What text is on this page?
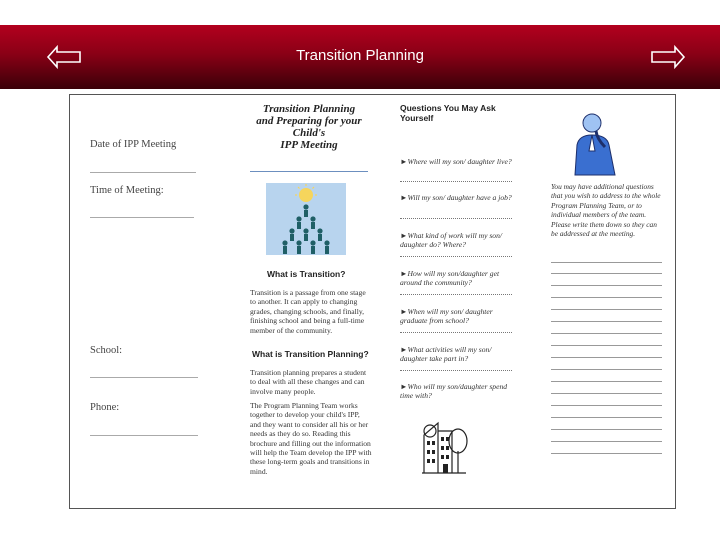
Transition Planning
Date of IPP Meeting
Time of Meeting:
School:
Phone:
Transition Planning
and Preparing for your
Child's
IPP Meeting
What is Transition?
Transition is a passage from one stage to another. It can apply to changing grades, changing schools, and finally, finishing school and being a full-time member of the community.
What is Transition Planning?
Transition planning prepares a student to deal with all these changes and can involve many people.
The Program Planning Team works together to develop your child's IPP, and they want to consider all his or her needs as they do so. Reading this brochure and filling out the information will help the Team develop the IPP with these long-term goals and transitions in mind.
Questions You May Ask Yourself
►Where will my son/ daughter live?
►Will my son/ daughter have a job?
►What kind of work will my son/ daughter do? Where?
►How will my son/daughter get around the community?
►When will my son/ daughter graduate from school?
►What activities will my son/ daughter take part in?
►Who will my son/daughter spend time with?
You may have additional questions that you wish to address to the whole Program Planning Team, or to individual members of the team. Please write them down so they can be addressed at the meeting.
